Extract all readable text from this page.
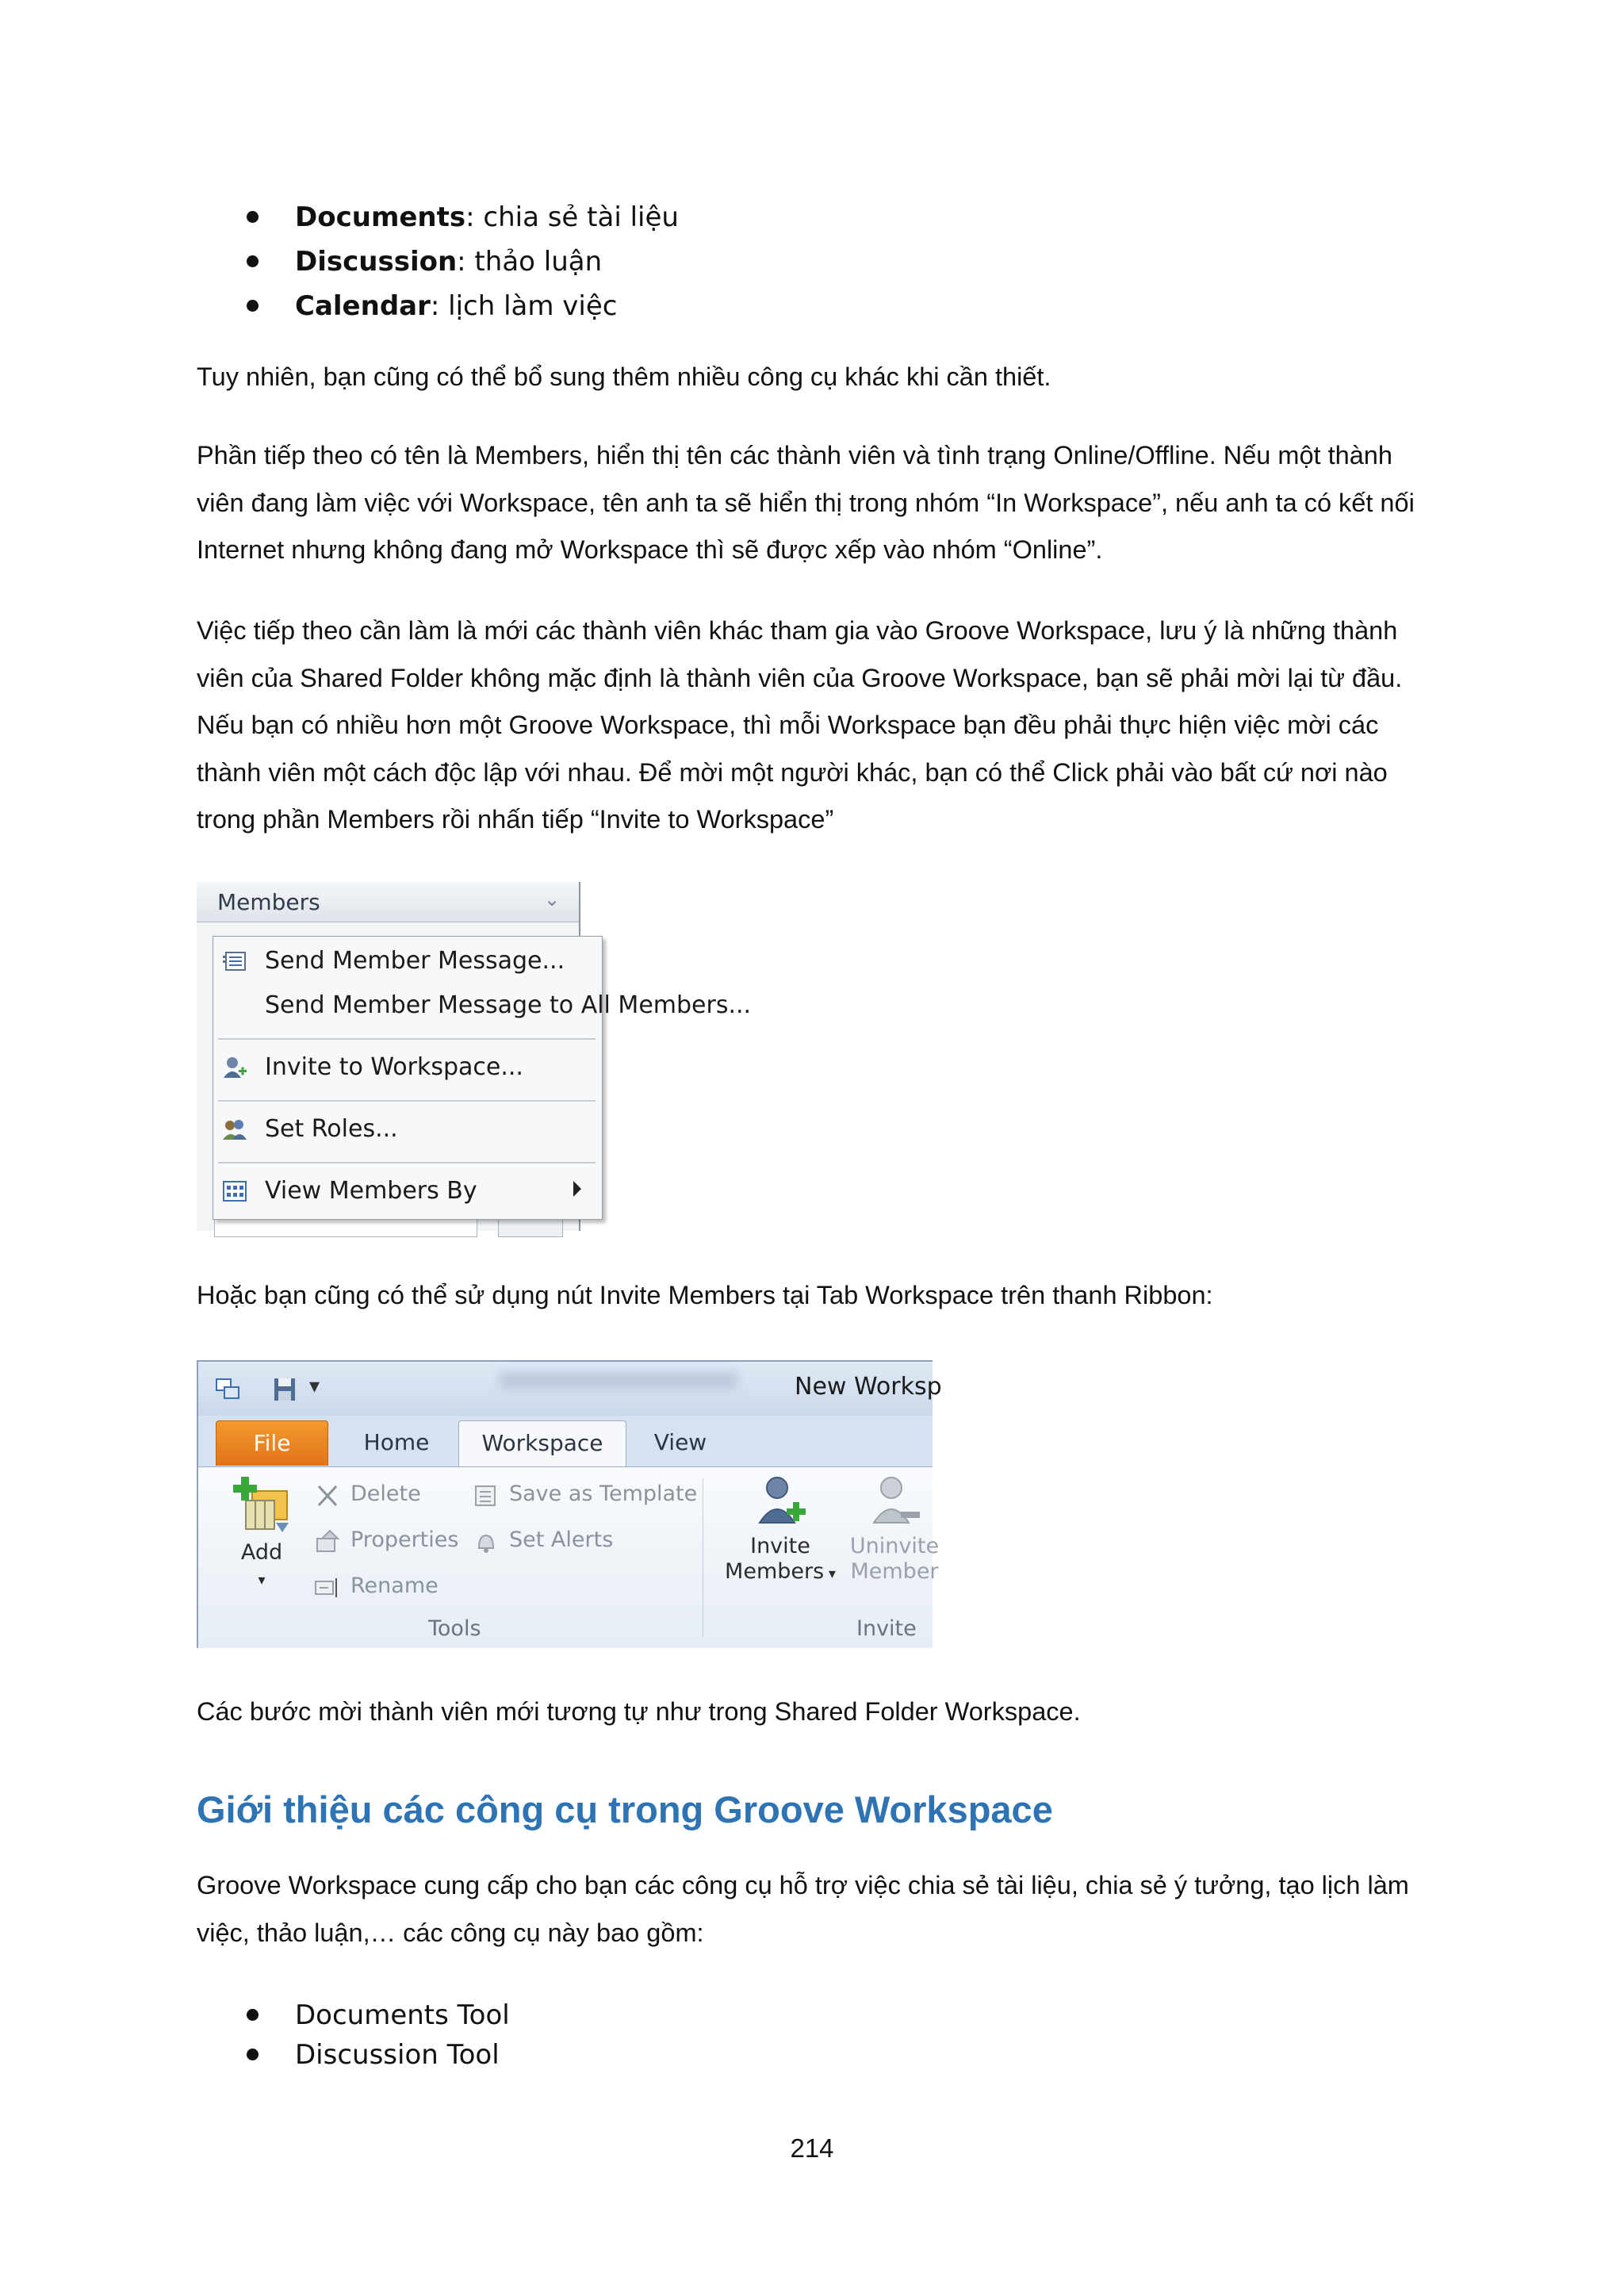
Documents: chia sẻ tài liệu
Discussion: thảo luận
Calendar: lịch làm việc

Tuy nhiên, bạn cũng có thể bổ sung thêm nhiều công cụ khác khi cần thiết.

Phần tiếp theo có tên là Members, hiển thị tên các thành viên và tình trạng Online/Offline. Nếu một thành viên đang làm việc với Workspace, tên anh ta sẽ hiển thị trong nhóm “In Workspace”, nếu anh ta có kết nối Internet nhưng không đang mở Workspace thì sẽ được xếp vào nhóm “Online”.

Việc tiếp theo cần làm là mới các thành viên khác tham gia vào Groove Workspace, lưu ý là những thành viên của Shared Folder không mặc định là thành viên của Groove Workspace, bạn sẽ phải mời lại từ đầu. Nếu bạn có nhiều hơn một Groove Workspace, thì mỗi Workspace bạn đều phải thực hiện việc mời các thành viên một cách độc lập với nhau. Để mời một người khác, bạn có thể Click phải vào bất cứ nơi nào trong phần Members rồi nhấn tiếp “Invite to Workspace”

Members	⌄
Send Member Message...
Send Member Message to All Members...
Invite to Workspace...
Set Roles...
View Members By

Hoặc bạn cũng có thể sử dụng nút Invite Members tại Tab Workspace trên thanh Ribbon:

▾	New Worksp
File	Home	Workspace	View
Add
▾
Delete	Save as Template
Properties Set Alerts
Rename
Tools
Invite
Members ▾
Uninvite
Member
Invite

Các bước mời thành viên mới tương tự như trong Shared Folder Workspace.

Giới thiệu các công cụ trong Groove Workspace

Groove Workspace cung cấp cho bạn các công cụ hỗ trợ việc chia sẻ tài liệu, chia sẻ ý tưởng, tạo lịch làm việc, thảo luận,… các công cụ này bao gồm:

Documents Tool
Discussion Tool
214
